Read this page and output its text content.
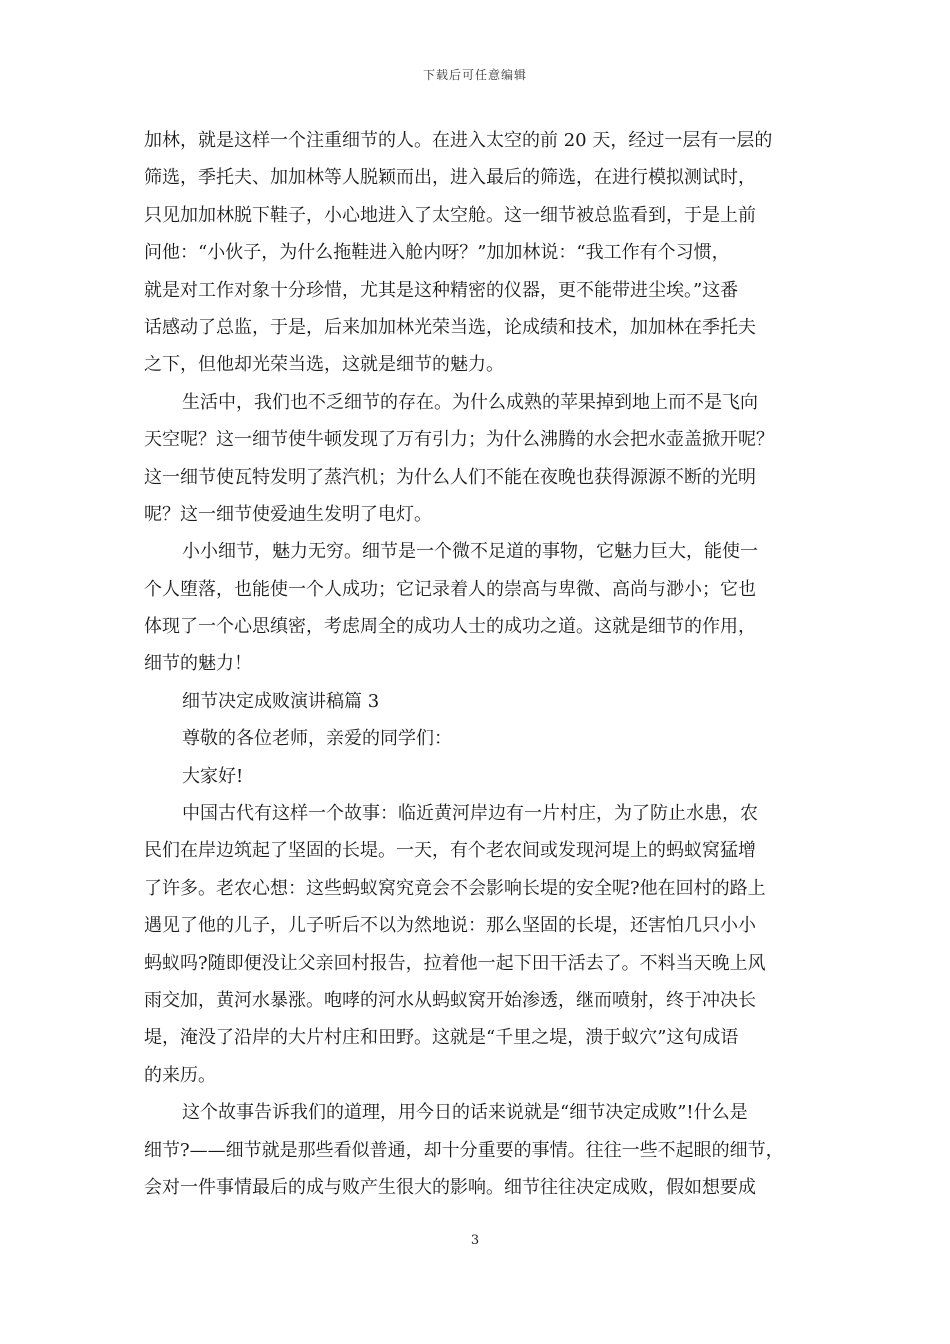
下载后可任意编辑
加林，就是这样一个注重细节的人。在进入太空的前 20 天，经过一层有一层的
筛选，季托夫、加加林等人脱颖而出，进入最后的筛选，在进行模拟测试时，
只见加加林脱下鞋子，小心地进入了太空舱。这一细节被总监看到，于是上前
问他：“小伙子，为什么拖鞋进入舱内呀？”加加林说：“我工作有个习惯，
就是对工作对象十分珍惜，尤其是这种精密的仪器，更不能带进尘埃。”这番
话感动了总监，于是，后来加加林光荣当选，论成绩和技术，加加林在季托夫
之下，但他却光荣当选，这就是细节的魅力。
生活中，我们也不乏细节的存在。为什么成熟的苹果掉到地上而不是飞向
天空呢？这一细节使牛顿发现了万有引力；为什么沸腾的水会把水壶盖掀开呢？
这一细节使瓦特发明了蒸汽机；为什么人们不能在夜晚也获得源源不断的光明
呢？这一细节使爱迪生发明了电灯。
小小细节，魅力无穷。细节是一个微不足道的事物，它魅力巨大，能使一
个人堕落，也能使一个人成功；它记录着人的崇高与卑微、高尚与渺小；它也
体现了一个心思缜密，考虑周全的成功人士的成功之道。这就是细节的作用，
细节的魅力！
细节决定成败演讲稿篇 3
尊敬的各位老师，亲爱的同学们：
大家好!
中国古代有这样一个故事：临近黄河岸边有一片村庄，为了防止水患，农
民们在岸边筑起了坚固的长堤。一天，有个老农间或发现河堤上的蚂蚁窝猛增
了许多。老农心想：这些蚂蚁窝究竟会不会影响长堤的安全呢?他在回村的路上
遇见了他的儿子，儿子听后不以为然地说：那么坚固的长堤，还害怕几只小小
蚂蚁吗?随即便没让父亲回村报告，拉着他一起下田干活去了。不料当天晚上风
雨交加，黄河水暴涨。咆哮的河水从蚂蚁窝开始渗透，继而喷射，终于冲决长
堤，淹没了沿岸的大片村庄和田野。这就是“千里之堤，溃于蚁穴”这句成语
的来历。
这个故事告诉我们的道理，用今日的话来说就是“细节决定成败”!什么是
细节?——细节就是那些看似普通，却十分重要的事情。往往一些不起眼的细节，
会对一件事情最后的成与败产生很大的影响。细节往往决定成败，假如想要成
3
